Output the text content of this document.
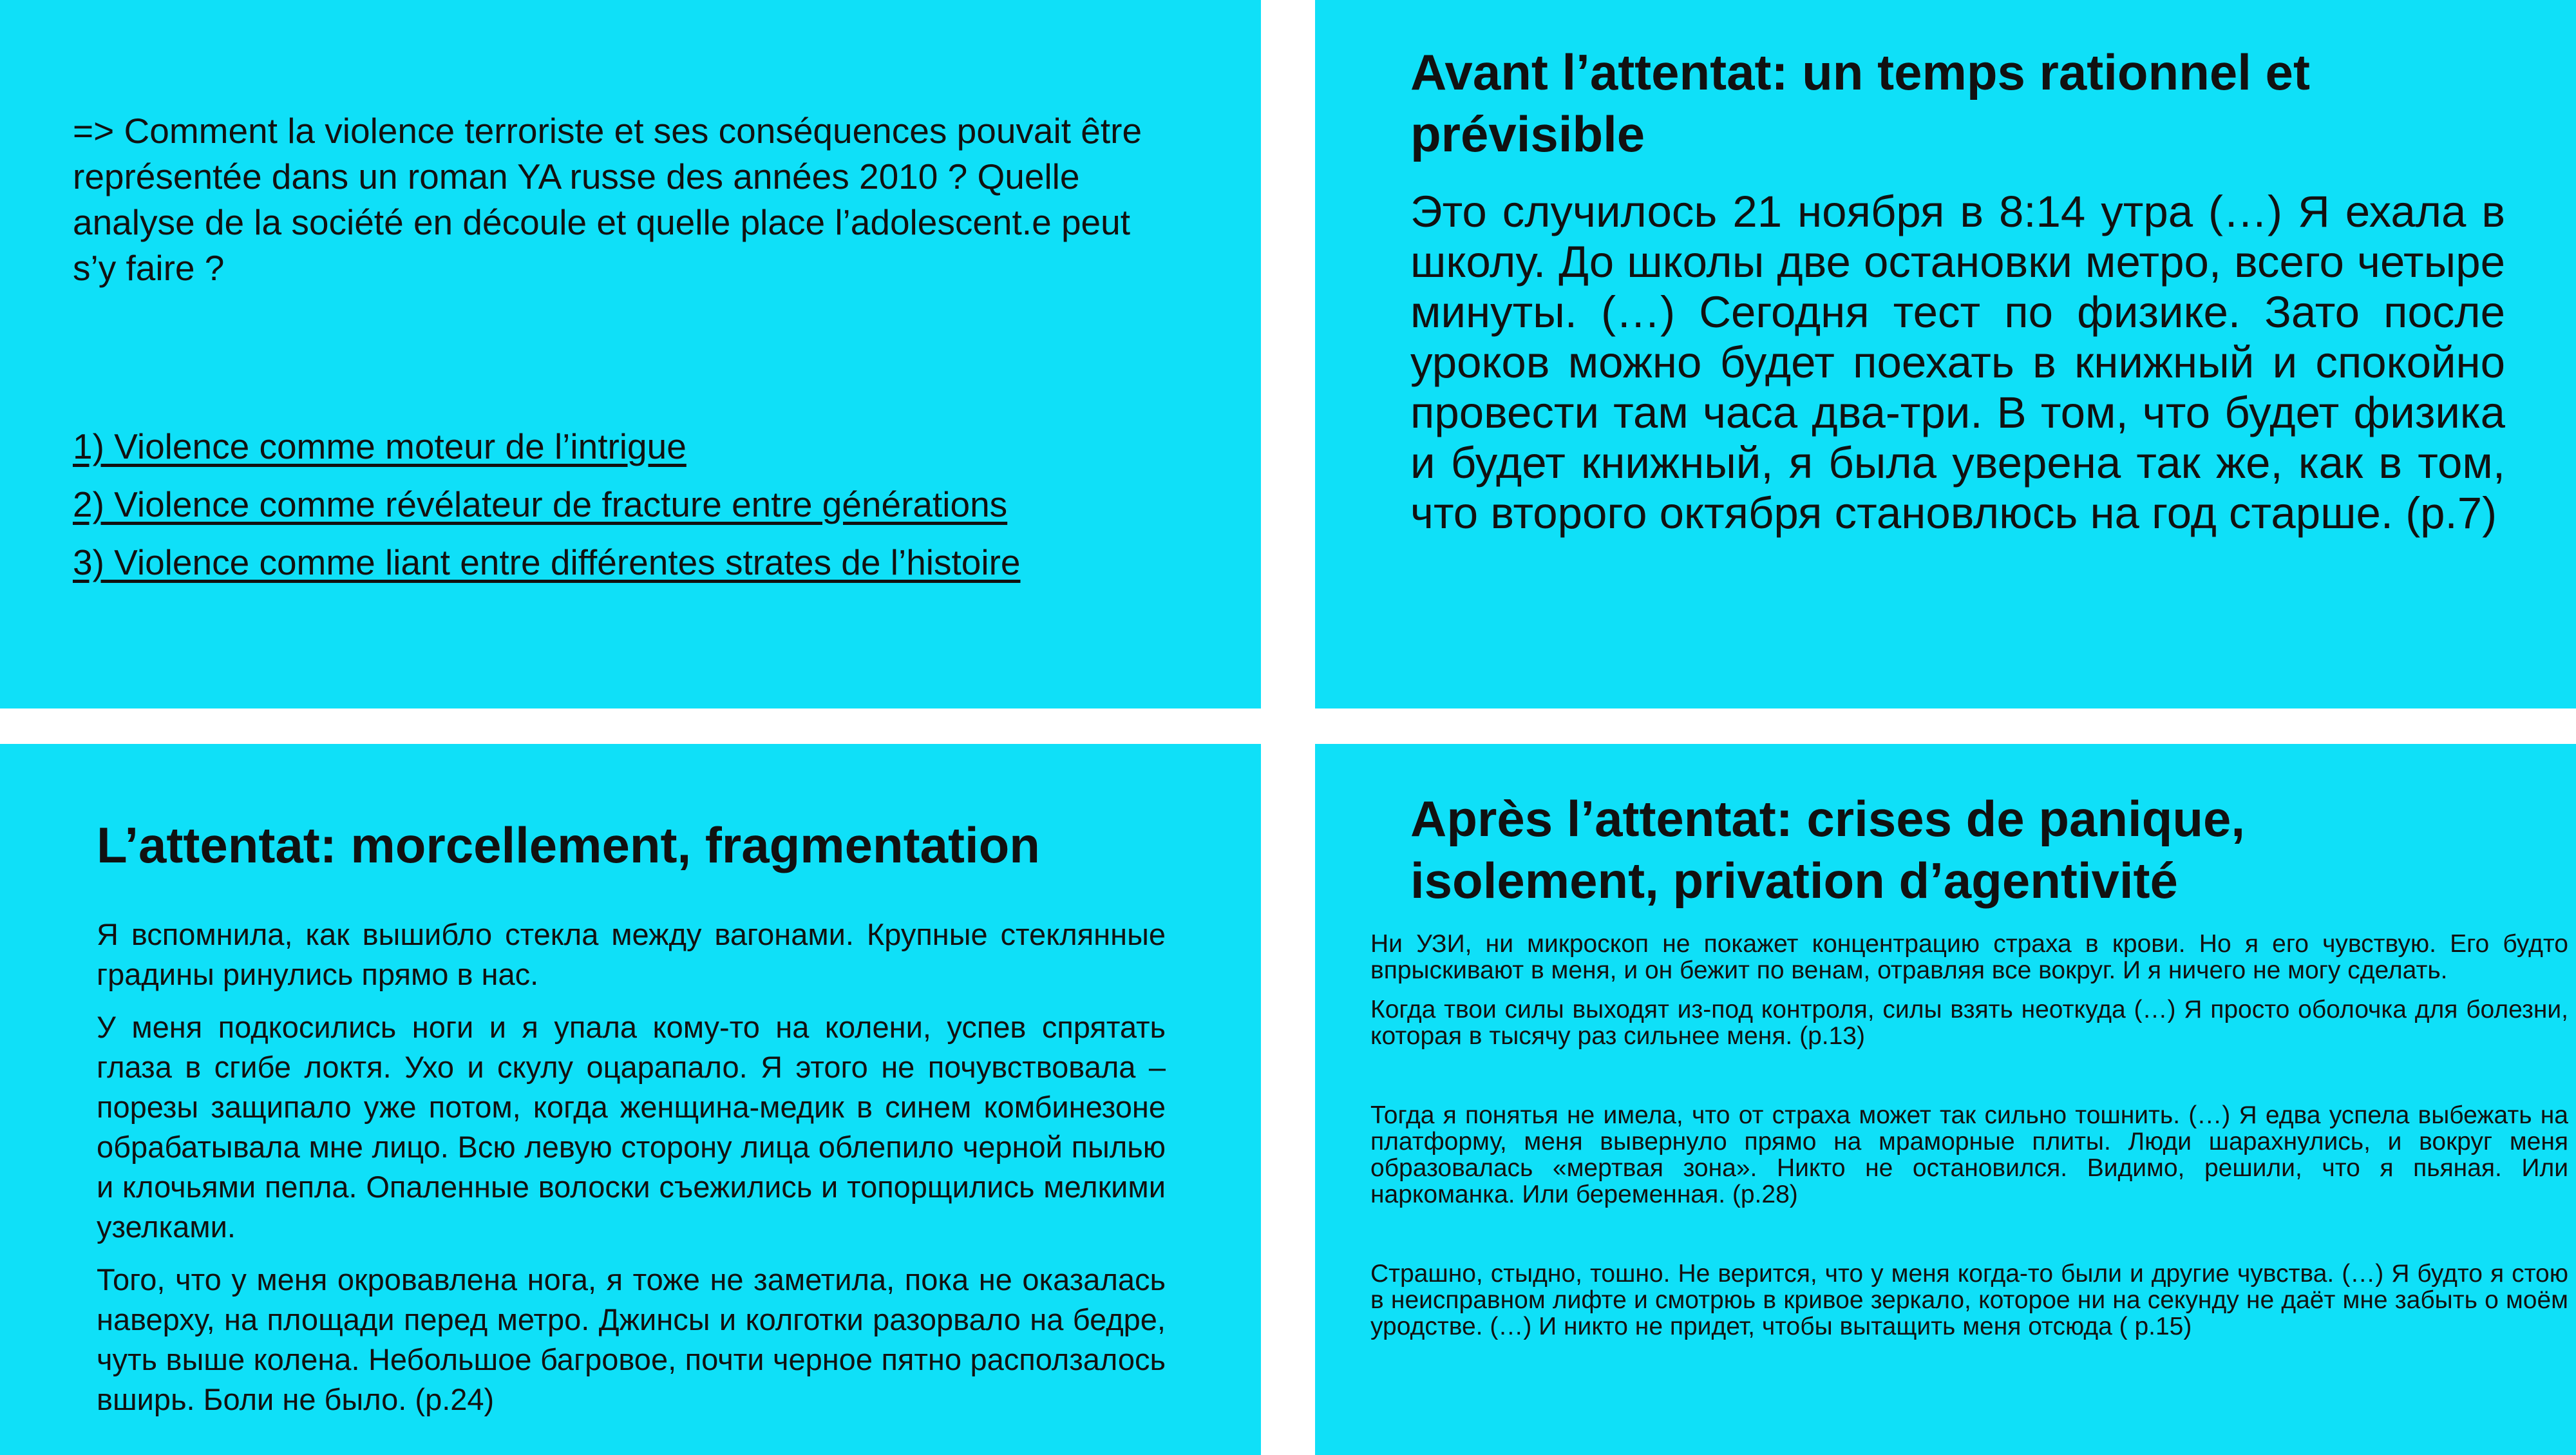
=> Comment la violence terroriste et ses conséquences pouvait être représentée dans un roman YA russe des années 2010 ? Quelle analyse de la société en découle et quelle place l’adolescent.e peut s’y faire ?
1) Violence comme moteur de l’intrigue
2) Violence comme révélateur de fracture entre générations
3) Violence comme liant entre différentes strates de l’histoire
Avant l’attentat: un temps rationnel et prévisible
Это случилось 21 ноября в 8:14 утра (…) Я ехала в школу. До школы две остановки метро, всего четыре минуты. (…) Сегодня тест по физике. Зато после уроков можно будет поехать в книжный и спокойно провести там часа два-три. В том, что будет физика и будет книжный, я была уверена так же, как в том, что второго октября становлюсь на год старше. (p.7)
L’attentat: morcellement, fragmentation

Я вспомнила, как вышибло стекла между вагонами. Крупные стеклянные градины ринулись прямо в нас.

У меня подкосились ноги и я упала кому-то на колени, успев спрятать глаза в сгибе локтя. Ухо и скулу оцарапало. Я этого не почувствовала – порезы защипало уже потом, когда женщина-медик в синем комбинезоне обрабатывала мне лицо. Всю левую сторону лица облепило черной пылью и клочьями пепла. Опаленные волоски съежились и топорщились мелкими узелками.

Того, что у меня окровавлена нога, я тоже не заметила, пока не оказалась наверху, на площади перед метро. Джинсы и колготки разорвало на бедре, чуть выше колена. Небольшое багровое, почти черное пятно расползалось вширь. Боли не было. (p.24)

Après l’attentat: crises de panique, isolement, privation d’agentivité

Ни УЗИ, ни микроскоп не покажет концентрацию страха в крови. Но я его чувствую. Его будто впрыскивают в меня, и он бежит по венам, отравляя все вокруг. И я ничего не могу сделать.

Когда твои силы выходят из-под контроля, силы взять неоткуда (…) Я просто оболочка для болезни, которая в тысячу раз сильнее меня. (p.13)

Тогда я понятья не имела, что от страха может так сильно тошнить. (…) Я едва успела выбежать на платформу, меня вывернуло прямо на мраморные плиты. Люди шарахнулись, и вокруг меня образовалась «мертвая зона». Никто не остановился. Видимо, решили, что я пьяная. Или наркоманка. Или беременная. (p.28)

Страшно, стыдно, тошно. Не верится, что у меня когда-то были и другие чувства. (…) Я будто я стою в неисправном лифте и смотрюь в кривое зеркало, которое ни на секунду не даёт мне забыть о моём уродстве. (…) И никто не придет, чтобы вытащить меня отсюда ( p.15)
